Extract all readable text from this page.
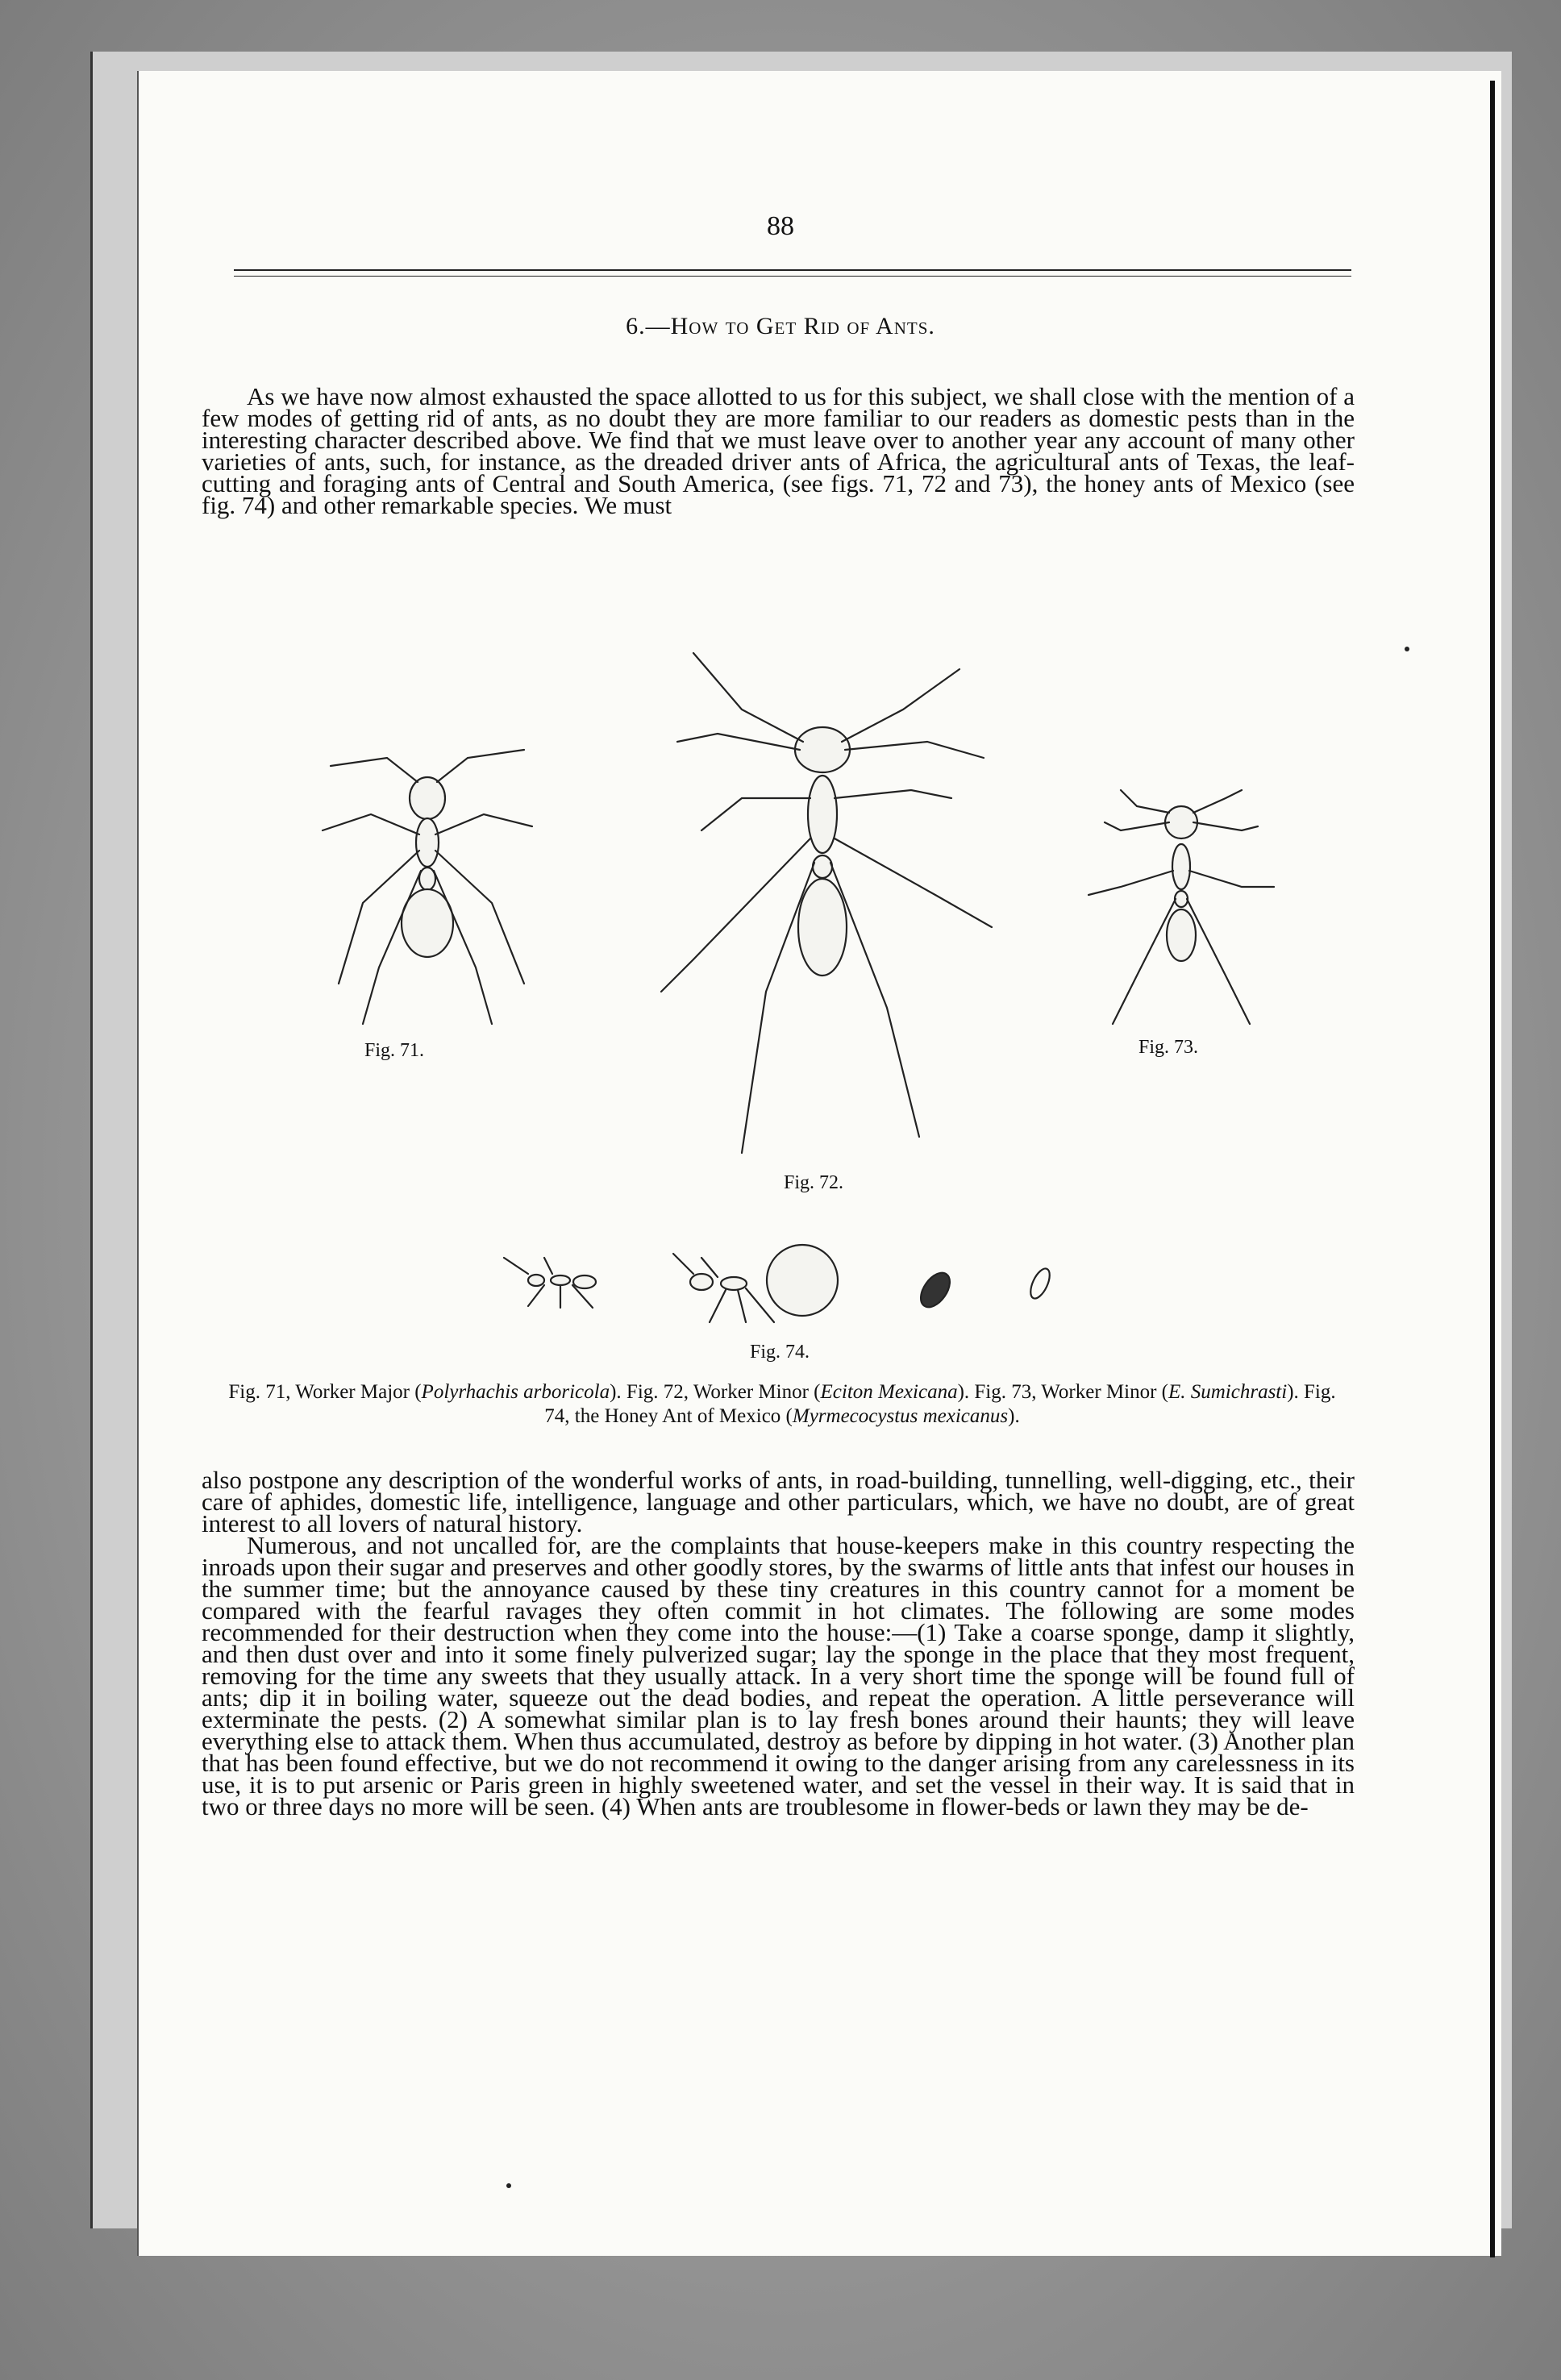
88
6.—How to Get Rid of Ants.

As we have now almost exhausted the space allotted to us for this subject, we shall close with the mention of a few modes of getting rid of ants, as no doubt they are more familiar to our readers as domestic pests than in the interesting character described above. We find that we must leave over to another year any account of many other varieties of ants, such, for instance, as the dreaded driver ants of Africa, the agricultural ants of Texas, the leaf-cutting and foraging ants of Central and South America, (see figs. 71, 72 and 73), the honey ants of Mexico (see fig. 74) and other remarkable species. We must

Fig. 71.
Fig. 72.
Fig. 73.
Fig. 74.
Fig. 71, Worker Major (Polyrhachis arboricola). Fig. 72, Worker Minor (Eciton Mexicana). Fig. 73, Worker Minor (E. Sumichrasti). Fig. 74, the Honey Ant of Mexico (Myrmecocystus mexicanus).

also postpone any description of the wonderful works of ants, in road-building, tunnelling, well-digging, etc., their care of aphides, domestic life, intelligence, language and other particulars, which, we have no doubt, are of great interest to all lovers of natural history.

Numerous, and not uncalled for, are the complaints that house-keepers make in this country respecting the inroads upon their sugar and preserves and other goodly stores, by the swarms of little ants that infest our houses in the summer time; but the annoyance caused by these tiny creatures in this country cannot for a moment be compared with the fearful ravages they often commit in hot climates. The following are some modes recommended for their destruction when they come into the house:—(1) Take a coarse sponge, damp it slightly, and then dust over and into it some finely pulverized sugar; lay the sponge in the place that they most frequent, removing for the time any sweets that they usually attack. In a very short time the sponge will be found full of ants; dip it in boiling water, squeeze out the dead bodies, and repeat the operation. A little perseverance will exterminate the pests. (2) A somewhat similar plan is to lay fresh bones around their haunts; they will leave everything else to attack them. When thus accumulated, destroy as before by dipping in hot water. (3) Another plan that has been found effective, but we do not recommend it owing to the danger arising from any carelessness in its use, it is to put arsenic or Paris green in highly sweetened water, and set the vessel in their way. It is said that in two or three days no more will be seen. (4) When ants are troublesome in flower-beds or lawn they may be de-
